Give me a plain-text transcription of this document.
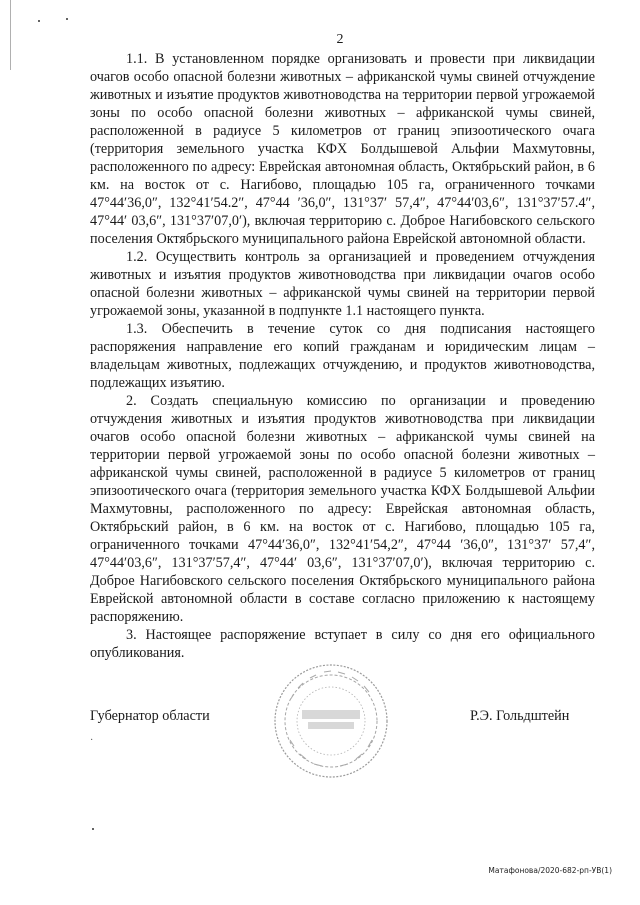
2

1.1. В установленном порядке организовать и провести при ликвидации очагов особо опасной болезни животных – африканской чумы свиней отчуждение животных и изъятие продуктов животноводства на территории первой угрожаемой зоны по особо опасной болезни животных – африканской чумы свиней, расположенной в радиусе 5 километров от границ эпизоотического очага (территория земельного участка КФХ Болдышевой Альфии Махмутовны, расположенного по адресу: Еврейская автономная область, Октябрьский район, в 6 км. на восток от с. Нагибово, площадью 105 га, ограниченного точками 47°44′36,0″, 132°41′54.2″, 47°44 ′36,0″, 131°37′ 57,4″, 47°44′03,6″, 131°37′57.4″, 47°44′ 03,6″, 131°37′07,0′), включая территорию с. Доброе Нагибовского сельского поселения Октябрьского муниципального района Еврейской автономной области.

1.2. Осуществить контроль за организацией и проведением отчуждения животных и изъятия продуктов животноводства при ликвидации очагов особо опасной болезни животных – африканской чумы свиней на территории первой угрожаемой зоны, указанной в подпункте 1.1 настоящего пункта.

1.3. Обеспечить в течение суток со дня подписания настоящего распоряжения направление его копий гражданам и юридическим лицам – владельцам животных, подлежащих отчуждению, и продуктов животноводства, подлежащих изъятию.

2. Создать специальную комиссию по организации и проведению отчуждения животных и изъятия продуктов животноводства при ликвидации очагов особо опасной болезни животных – африканской чумы свиней на территории первой угрожаемой зоны по особо опасной болезни животных – африканской чумы свиней, расположенной в радиусе 5 километров от границ эпизоотического очага (территория земельного участка КФХ Болдышевой Альфии Махмутовны, расположенного по адресу: Еврейская автономная область, Октябрьский район, в 6 км. на восток от с. Нагибово, площадью 105 га, ограниченного точками 47°44′36,0″, 132°41′54,2″, 47°44 ′36,0″, 131°37′ 57,4″, 47°44′03,6″, 131°37′57,4″, 47°44′ 03,6″, 131°37′07,0′), включая территорию с. Доброе Нагибовского сельского поселения Октябрьского муниципального района Еврейской автономной области в составе согласно приложению к настоящему распоряжению.

3. Настоящее распоряжение вступает в силу со дня его официального опубликования.

Губернатор области	Р.Э. Гольдштейн
·
Матафонова/2020-682-рп-УВ(1)
